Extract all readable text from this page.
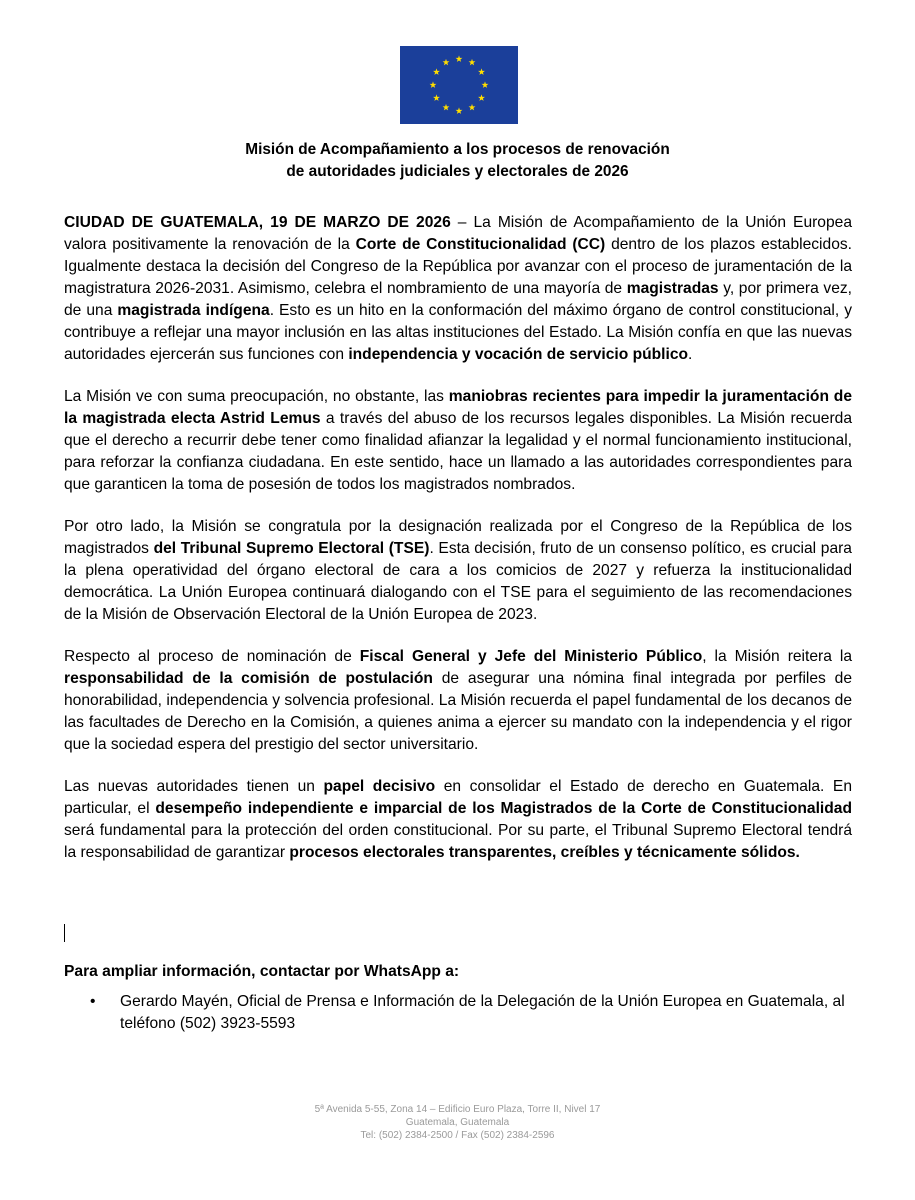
Misión de Acompañamiento a los procesos de renovación
de autoridades judiciales y electorales de 2026

CIUDAD DE GUATEMALA, 19 DE MARZO DE 2026 – La Misión de Acompañamiento de la Unión Europea valora positivamente la renovación de la Corte de Constitucionalidad (CC) dentro de los plazos establecidos. Igualmente destaca la decisión del Congreso de la República por avanzar con el proceso de juramentación de la magistratura 2026-2031. Asimismo, celebra el nombramiento de una mayoría de magistradas y, por primera vez, de una magistrada indígena. Esto es un hito en la conformación del máximo órgano de control constitucional, y contribuye a reflejar una mayor inclusión en las altas instituciones del Estado. La Misión confía en que las nuevas autoridades ejercerán sus funciones con independencia y vocación de servicio público.

La Misión ve con suma preocupación, no obstante, las maniobras recientes para impedir la juramentación de la magistrada electa Astrid Lemus a través del abuso de los recursos legales disponibles. La Misión recuerda que el derecho a recurrir debe tener como finalidad afianzar la legalidad y el normal funcionamiento institucional, para reforzar la confianza ciudadana. En este sentido, hace un llamado a las autoridades correspondientes para que garanticen la toma de posesión de todos los magistrados nombrados.

Por otro lado, la Misión se congratula por la designación realizada por el Congreso de la República de los magistrados del Tribunal Supremo Electoral (TSE). Esta decisión, fruto de un consenso político, es crucial para la plena operatividad del órgano electoral de cara a los comicios de 2027 y refuerza la institucionalidad democrática. La Unión Europea continuará dialogando con el TSE para el seguimiento de las recomendaciones de la Misión de Observación Electoral de la Unión Europea de 2023.

Respecto al proceso de nominación de Fiscal General y Jefe del Ministerio Público, la Misión reitera la responsabilidad de la comisión de postulación de asegurar una nómina final integrada por perfiles de honorabilidad, independencia y solvencia profesional. La Misión recuerda el papel fundamental de los decanos de las facultades de Derecho en la Comisión, a quienes anima a ejercer su mandato con la independencia y el rigor que la sociedad espera del prestigio del sector universitario.

Las nuevas autoridades tienen un papel decisivo en consolidar el Estado de derecho en Guatemala. En particular, el desempeño independiente e imparcial de los Magistrados de la Corte de Constitucionalidad será fundamental para la protección del orden constitucional. Por su parte, el Tribunal Supremo Electoral tendrá la responsabilidad de garantizar procesos electorales transparentes, creíbles y técnicamente sólidos.

Para ampliar información, contactar por WhatsApp a:
• Gerardo Mayén, Oficial de Prensa e Información de la Delegación de la Unión Europea en Guatemala, al teléfono (502) 3923-5593
5ª Avenida 5-55, Zona 14 – Edificio Euro Plaza, Torre II, Nivel 17
Guatemala, Guatemala
Tel: (502) 2384-2500 / Fax (502) 2384-2596
